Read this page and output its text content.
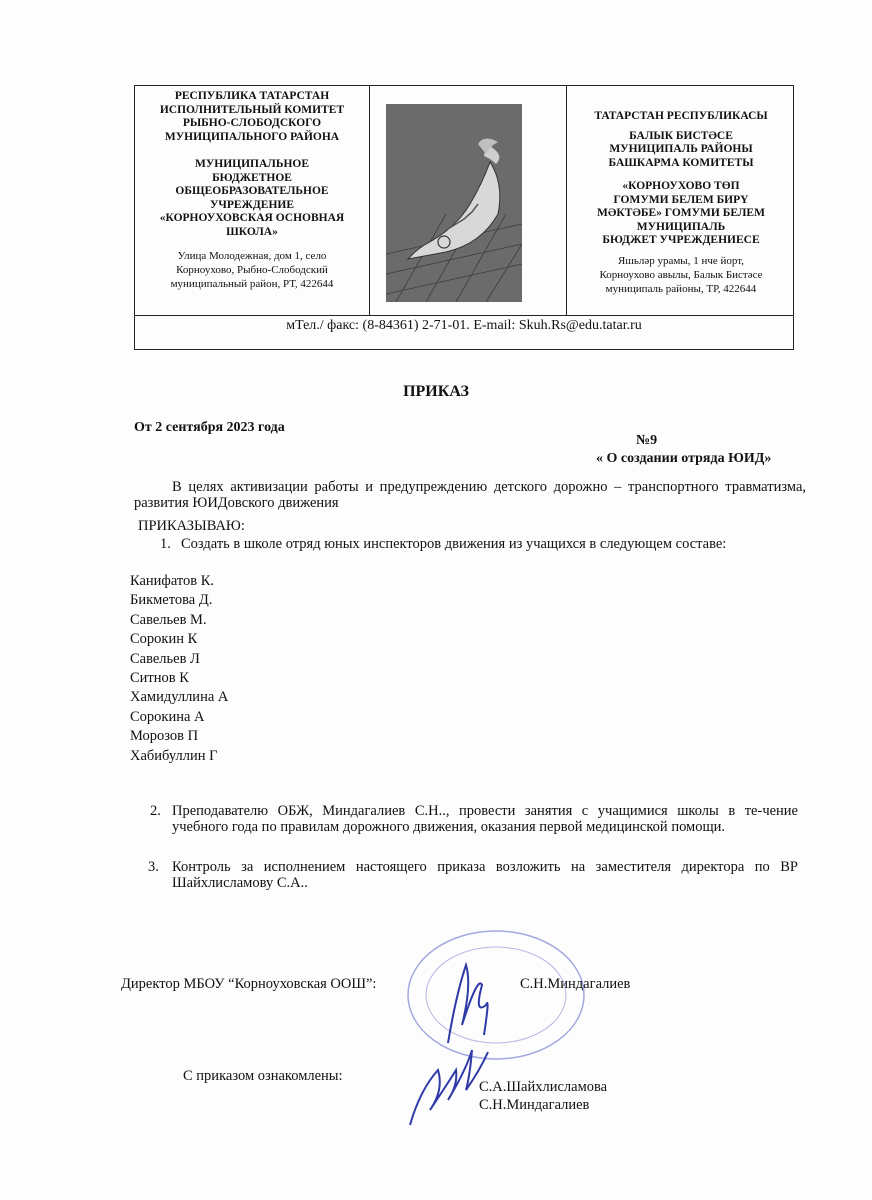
РЕСПУБЛИКА ТАТАРСТАН
ИСПОЛНИТЕЛЬНЫЙ КОМИТЕТ
РЫБНО-СЛОБОДСКОГО
МУНИЦИПАЛЬНОГО РАЙОНА
МУНИЦИПАЛЬНОЕ
БЮДЖЕТНОЕ
ОБЩЕОБРАЗОВАТЕЛЬНОЕ
УЧРЕЖДЕНИЕ
«КОРНОУХОВСКАЯ ОСНОВНАЯ
ШКОЛА»
Улица Молодежная, дом 1, село
Корноухово, Рыбно-Слободский
муниципальный район, РТ, 422644
ТАТАРСТАН РЕСПУБЛИКАСЫ
БАЛЫК БИСТӘСЕ
МУНИЦИПАЛЬ РАЙОНЫ
БАШКАРМА КОМИТЕТЫ
«КОРНОУХОВО ТӨП
ГОМУМИ БЕЛЕМ БИРҮ
МӘКТӘБЕ» ГОМУМИ БЕЛЕМ
МУНИЦИПАЛЬ
БЮДЖЕТ УЧРЕЖДЕНИЕСЕ
Яшьләр урамы, 1 нче йорт,
Корноухово авылы, Балык Бистәсе
муниципаль районы, ТР, 422644
мТел./ факс: (8-84361) 2-71-01. E-mail: Skuh.Rs@edu.tatar.ru
ПРИКАЗ
От 2 сентября 2023 года
№9
« О создании отряда ЮИД»
В целях активизации работы и предупреждению детского дорожно – транспортного травматизма, развития ЮИДовского движения
ПРИКАЗЫВАЮ:
1. Создать в школе отряд юных инспекторов движения из учащихся в следующем составе:
Канифатов К.
Бикметова Д.
Савельев М.
Сорокин К
Савельев Л
Ситнов К
Хамидуллина А
Сорокина А
Морозов П
Хабибуллин Г
2. Преподавателю ОБЖ, Миндагалиев С.Н.., провести занятия с учащимися школы в те-чение учебного года по правилам дорожного движения, оказания первой медицинской помощи.
3. Контроль за исполнением настоящего приказа возложить на заместителя директора по ВР Шайхлисламову С.А..
Директор МБОУ “Корноуховская ООШ”:	С.Н.Миндагалиев
С приказом ознакомлены:
С.А.Шайхлисламова
С.Н.Миндагалиев
